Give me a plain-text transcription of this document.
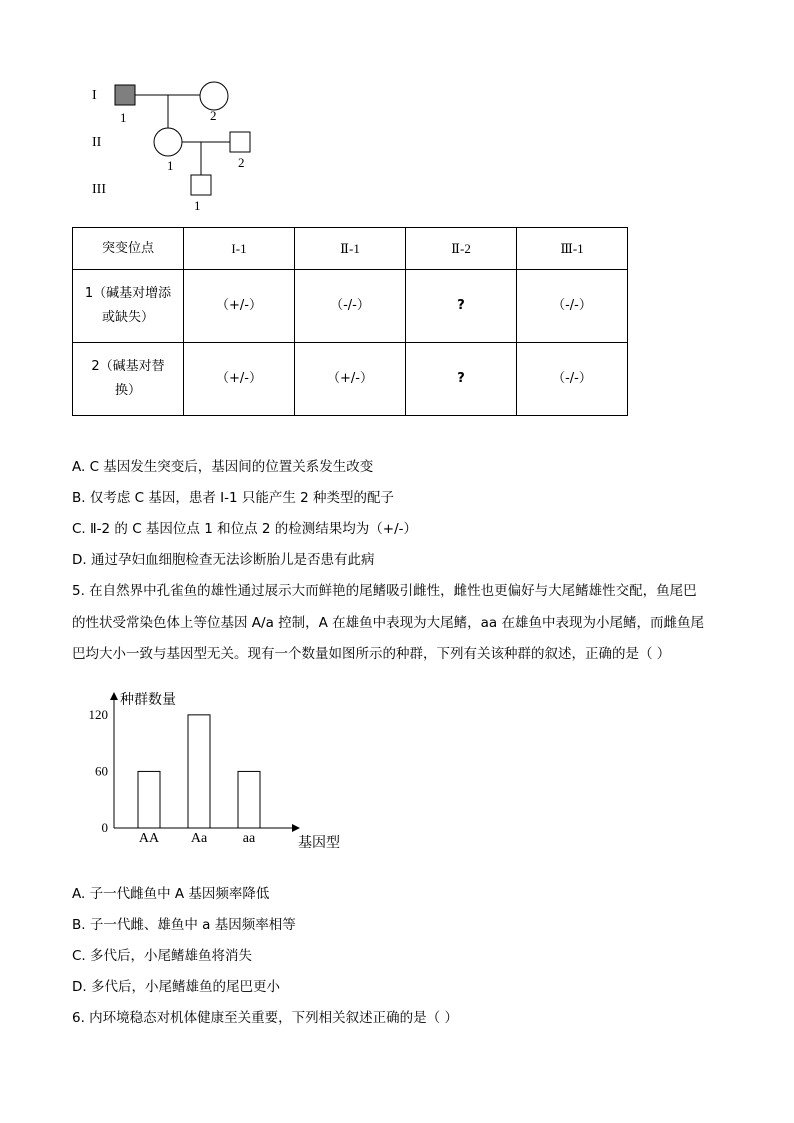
I
II
III
1	2
1	2
1
突变位点	I-1	Ⅱ-1	Ⅱ-2	Ⅲ-1

1（碱基对增添
或缺失）	（+/-）	（-/-）	?	（-/-）

2（碱基对替
换）	（+/-）	（+/-）	?	（-/-）
A. C 基因发生突变后，基因间的位置关系发生改变
B. 仅考虑 C 基因，患者 I-1 只能产生 2 种类型的配子
C. Ⅱ-2 的 C 基因位点 1 和位点 2 的检测结果均为（+/-）
D. 通过孕妇血细胞检查无法诊断胎儿是否患有此病
5. 在自然界中孔雀鱼的雄性通过展示大而鲜艳的尾鳍吸引雌性，雌性也更偏好与大尾鳍雄性交配，鱼尾巴
的性状受常染色体上等位基因 A/a 控制，A 在雄鱼中表现为大尾鳍，aa 在雄鱼中表现为小尾鳍，而雌鱼尾
巴均大小一致与基因型无关。现有一个数量如图所示的种群，下列有关该种群的叙述，正确的是（ ）
种群数量
基因型
0
60
120
AA Aa	aa
A. 子一代雌鱼中 A 基因频率降低
B. 子一代雌、雄鱼中 a 基因频率相等
C. 多代后，小尾鳍雄鱼将消失
D. 多代后，小尾鳍雄鱼的尾巴更小
6. 内环境稳态对机体健康至关重要，下列相关叙述正确的是（ ）
